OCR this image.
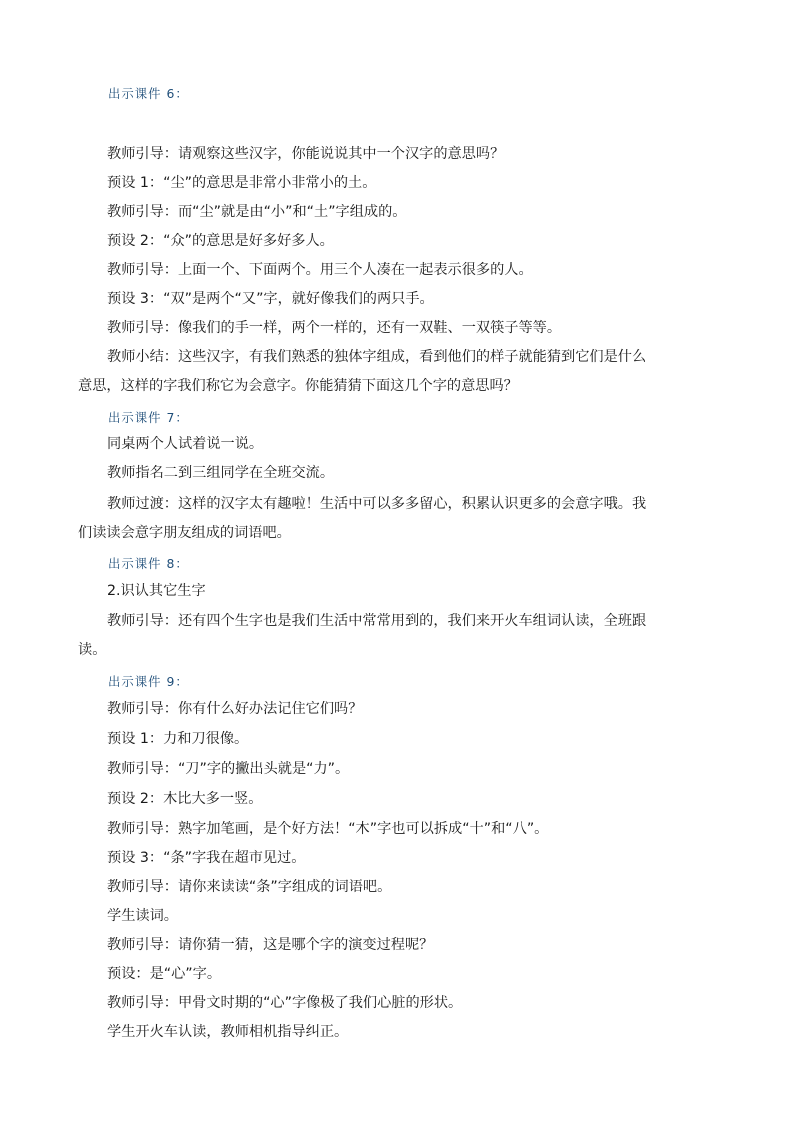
出示课件 6：
教师引导：请观察这些汉字，你能说说其中一个汉字的意思吗？
预设 1：“尘”的意思是非常小非常小的土。
教师引导：而“尘”就是由“小”和“土”字组成的。
预设 2：“众”的意思是好多好多人。
教师引导：上面一个、下面两个。用三个人凑在一起表示很多的人。
预设 3：“双”是两个“又”字，就好像我们的两只手。
教师引导：像我们的手一样，两个一样的，还有一双鞋、一双筷子等等。
教师小结：这些汉字，有我们熟悉的独体字组成，看到他们的样子就能猜到它们是什么
意思，这样的字我们称它为会意字。你能猜猜下面这几个字的意思吗？
出示课件 7：
同桌两个人试着说一说。
教师指名二到三组同学在全班交流。
教师过渡：这样的汉字太有趣啦！生活中可以多多留心，积累认识更多的会意字哦。我
们读读会意字朋友组成的词语吧。
出示课件 8：
2.识认其它生字
教师引导：还有四个生字也是我们生活中常常用到的，我们来开火车组词认读，全班跟
读。
出示课件 9：
教师引导：你有什么好办法记住它们吗？
预设 1：力和刀很像。
教师引导：“刀”字的撇出头就是“力”。
预设 2：木比大多一竖。
教师引导：熟字加笔画，是个好方法！“木”字也可以拆成“十”和“八”。
预设 3：“条”字我在超市见过。
教师引导：请你来读读“条”字组成的词语吧。
学生读词。
教师引导：请你猜一猜，这是哪个字的演变过程呢？
预设：是“心”字。
教师引导：甲骨文时期的“心”字像极了我们心脏的形状。
学生开火车认读，教师相机指导纠正。
